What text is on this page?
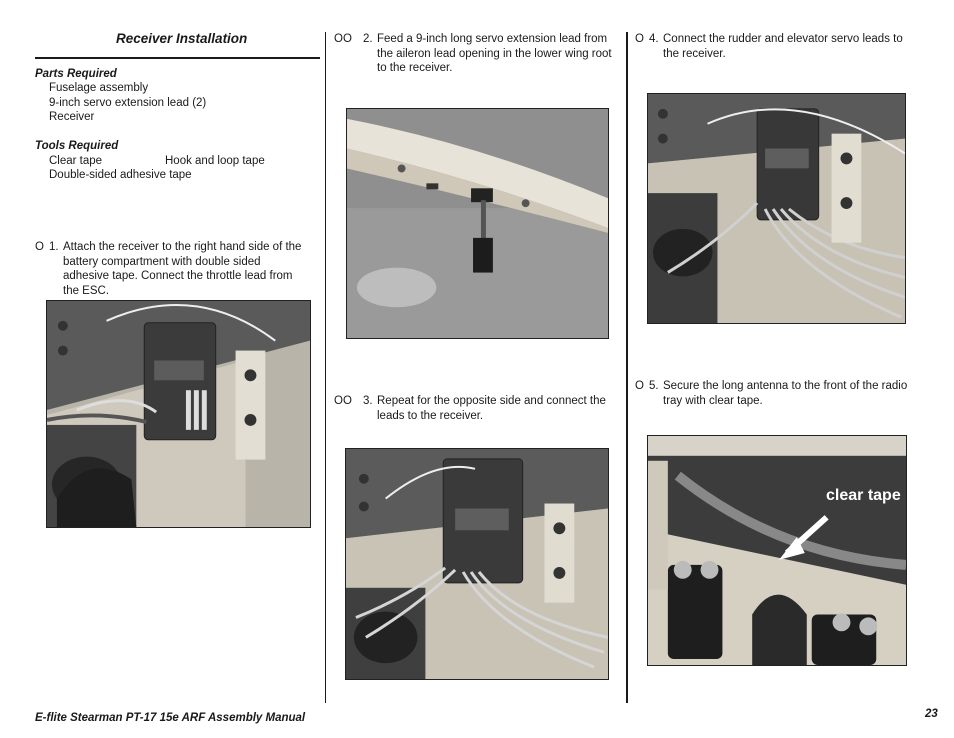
Receiver Installation
Parts Required
Fuselage assembly
9-inch servo extension lead (2)
Receiver
Tools Required
Clear tape	Hook and loop tape
Double-sided adhesive tape
O 1. Attach the receiver to the right hand side of the battery compartment with double sided adhesive tape. Connect the throttle lead from the ESC.
OO 2. Feed a 9-inch long servo extension lead from the aileron lead opening in the lower wing root to the receiver.
OO 3. Repeat for the opposite side and connect the leads to the receiver.
O 4. Connect the rudder and elevator servo leads to the receiver.
O 5. Secure the long antenna to the front of the radio tray with clear tape.
clear tape
E-flite Stearman PT-17 15e ARF Assembly Manual	23
